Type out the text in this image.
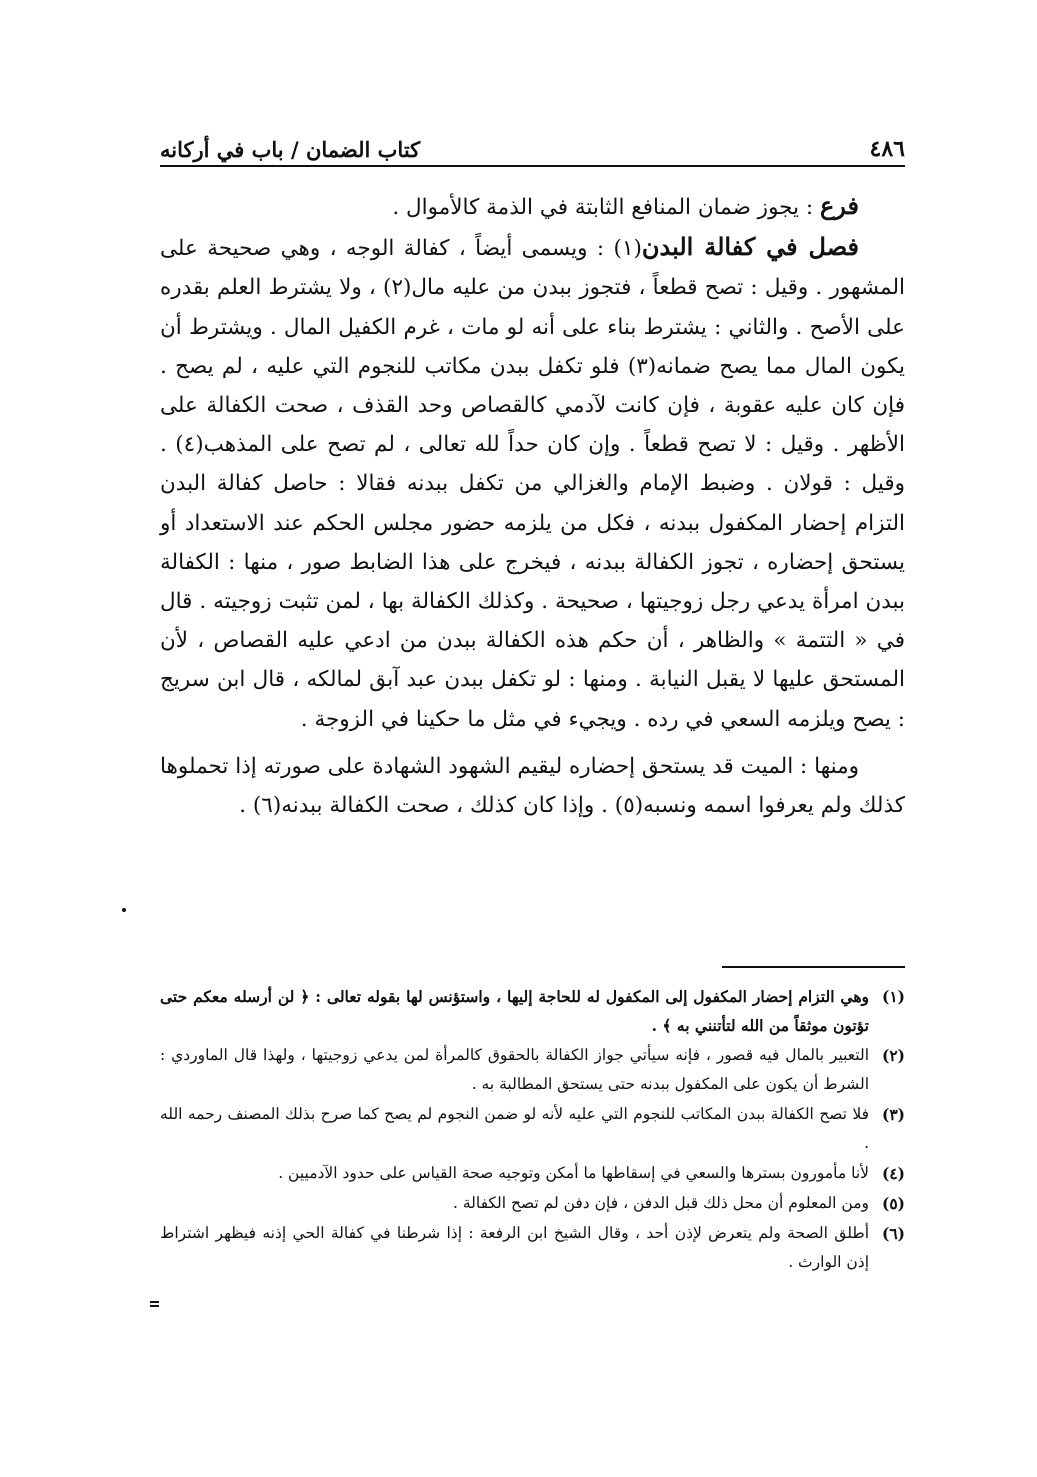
٤٨٦
كتاب الضمان / باب في أركانه

فرع : يجوز ضمان المنافع الثابتة في الذمة كالأموال .

فصل في كفالة البدن(١) : ويسمى أيضاً ، كفالة الوجه ، وهي صحيحة على المشهور . وقيل : تصح قطعاً ، فتجوز ببدن من عليه مال(٢) ، ولا يشترط العلم بقدره على الأصح . والثاني : يشترط بناء على أنه لو مات ، غرم الكفيل المال . ويشترط أن يكون المال مما يصح ضمانه(٣) فلو تكفل ببدن مكاتب للنجوم التي عليه ، لم يصح . فإن كان عليه عقوبة ، فإن كانت لآدمي كالقصاص وحد القذف ، صحت الكفالة على الأظهر . وقيل : لا تصح قطعاً . وإن كان حداً لله تعالى ، لم تصح على المذهب(٤) . وقيل : قولان . وضبط الإمام والغزالي من تكفل ببدنه فقالا : حاصل كفالة البدن التزام إحضار المكفول ببدنه ، فكل من يلزمه حضور مجلس الحكم عند الاستعداد أو يستحق إحضاره ، تجوز الكفالة ببدنه ، فيخرج على هذا الضابط صور ، منها : الكفالة ببدن امرأة يدعي رجل زوجيتها ، صحيحة . وكذلك الكفالة بها ، لمن تثبت زوجيته . قال في « التتمة » والظاهر ، أن حكم هذه الكفالة ببدن من ادعي عليه القصاص ، لأن المستحق عليها لا يقبل النيابة . ومنها : لو تكفل ببدن عبد آبق لمالكه ، قال ابن سريج : يصح ويلزمه السعي في رده . ويجيء في مثل ما حكينا في الزوجة .

ومنها : الميت قد يستحق إحضاره ليقيم الشهود الشهادة على صورته إذا تحملوها كذلك ولم يعرفوا اسمه ونسبه(٥) . وإذا كان كذلك ، صحت الكفالة ببدنه(٦) .

(١)
وهي التزام إحضار المكفول إلى المكفول له للحاجة إليها ، واستؤنس لها بقوله تعالى : ﴿ لن أرسله معكم حتى تؤتون موثقاً من الله لتأتنني به ﴾ .
(٢)
التعبير بالمال فيه قصور ، فإنه سيأتي جواز الكفالة بالحقوق كالمرأة لمن يدعي زوجيتها ، ولهذا قال الماوردي : الشرط أن يكون على المكفول ببدنه حتى يستحق المطالبة به .
(٣)
فلا تصح الكفالة ببدن المكاتب للنجوم التي عليه لأنه لو ضمن النجوم لم يصح كما صرح بذلك المصنف رحمه الله .
(٤)
لأنا مأمورون بسترها والسعي في إسقاطها ما أمكن وتوجيه صحة القياس على حدود الآدميين .
(٥)
ومن المعلوم أن محل ذلك قبل الدفن ، فإن دفن لم تصح الكفالة .
(٦)
أطلق الصحة ولم يتعرض لإذن أحد ، وقال الشيخ ابن الرفعة : إذا شرطنا في كفالة الحي إذنه فيظهر اشتراط إذن الوارث .
